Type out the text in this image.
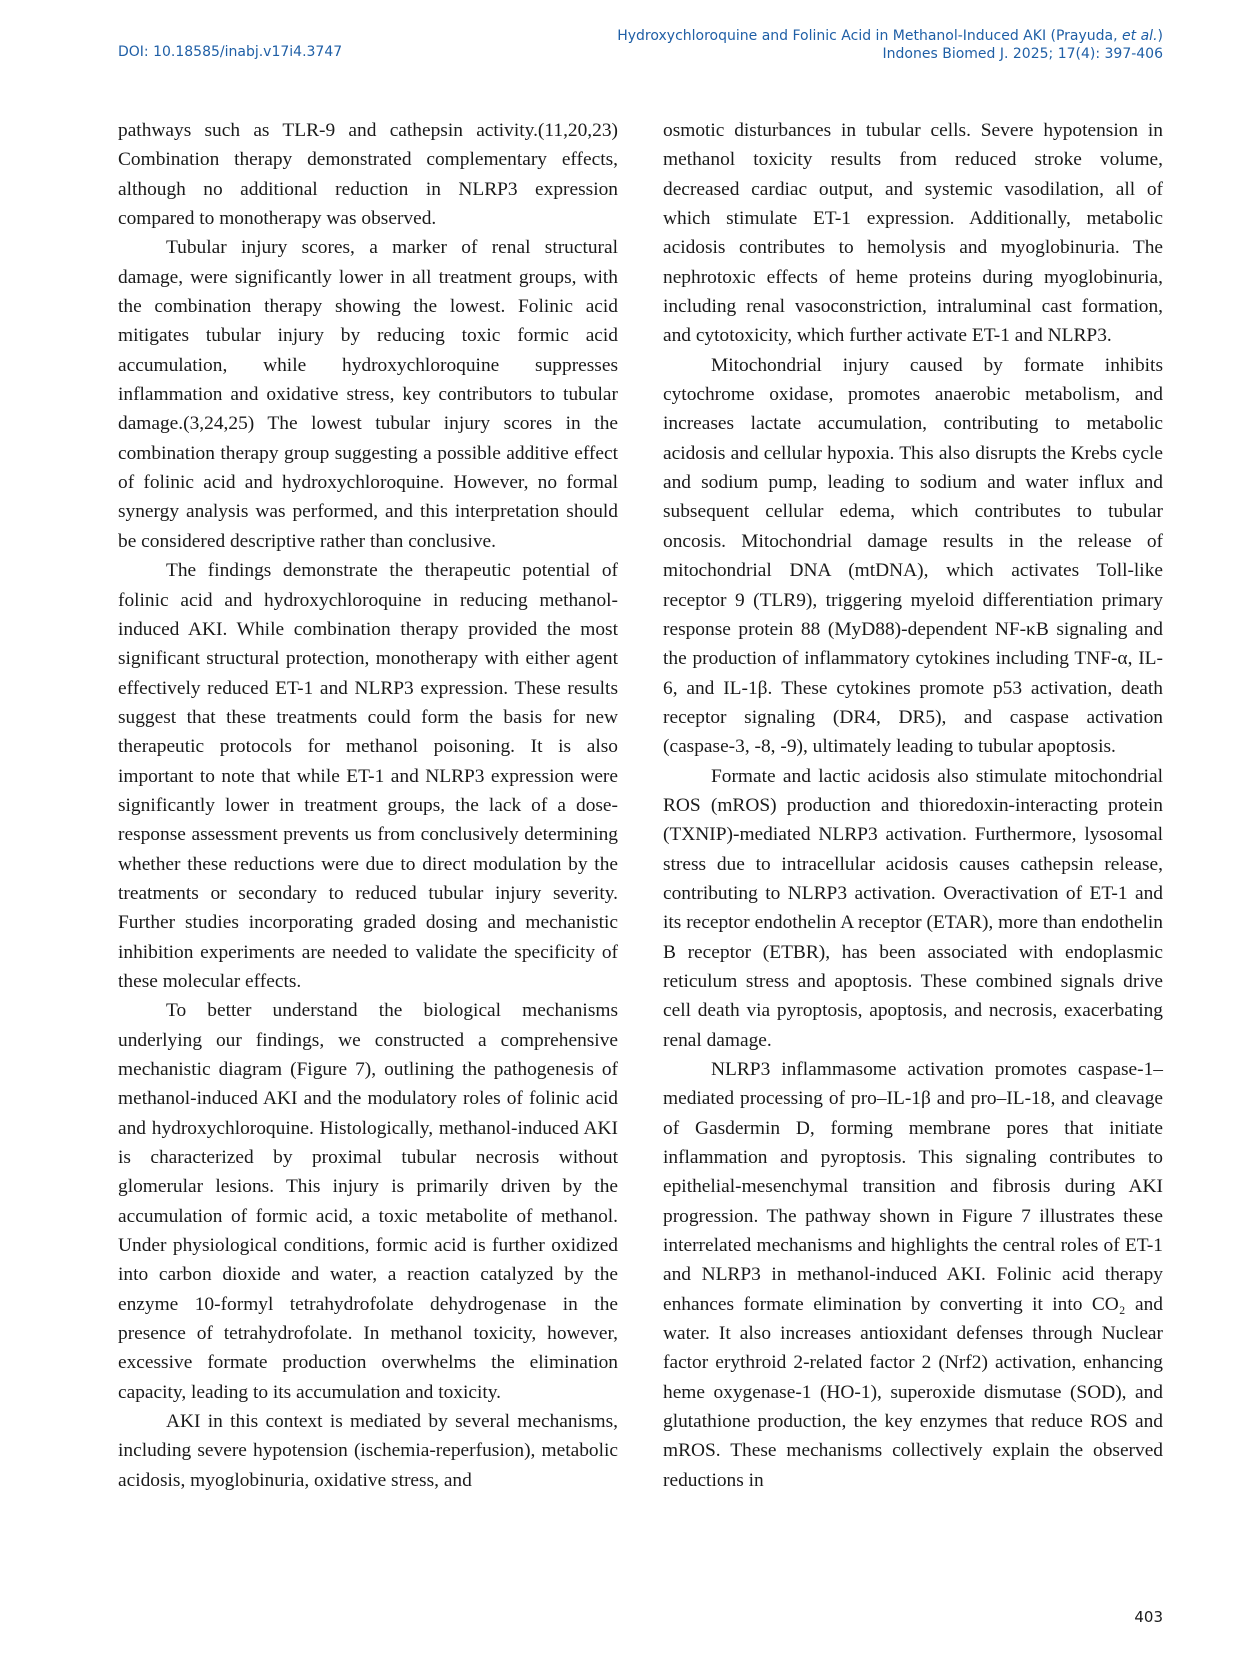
DOI: 10.18585/inabj.v17i4.3747
Hydroxychloroquine and Folinic Acid in Methanol-Induced AKI (Prayuda, et al.)
Indones Biomed J. 2025; 17(4): 397-406

pathways such as TLR-9 and cathepsin activity.(11,20,23) Combination therapy demonstrated complementary effects, although no additional reduction in NLRP3 expression compared to monotherapy was observed.

Tubular injury scores, a marker of renal structural damage, were significantly lower in all treatment groups, with the combination therapy showing the lowest. Folinic acid mitigates tubular injury by reducing toxic formic acid accumulation, while hydroxychloroquine suppresses inflammation and oxidative stress, key contributors to tubular damage.(3,24,25) The lowest tubular injury scores in the combination therapy group suggesting a possible additive effect of folinic acid and hydroxychloroquine. However, no formal synergy analysis was performed, and this interpretation should be considered descriptive rather than conclusive.

The findings demonstrate the therapeutic potential of folinic acid and hydroxychloroquine in reducing methanol-induced AKI. While combination therapy provided the most significant structural protection, monotherapy with either agent effectively reduced ET-1 and NLRP3 expression. These results suggest that these treatments could form the basis for new therapeutic protocols for methanol poisoning. It is also important to note that while ET-1 and NLRP3 expression were significantly lower in treatment groups, the lack of a dose-response assessment prevents us from conclusively determining whether these reductions were due to direct modulation by the treatments or secondary to reduced tubular injury severity. Further studies incorporating graded dosing and mechanistic inhibition experiments are needed to validate the specificity of these molecular effects.

To better understand the biological mechanisms underlying our findings, we constructed a comprehensive mechanistic diagram (Figure 7), outlining the pathogenesis of methanol-induced AKI and the modulatory roles of folinic acid and hydroxychloroquine. Histologically, methanol-induced AKI is characterized by proximal tubular necrosis without glomerular lesions. This injury is primarily driven by the accumulation of formic acid, a toxic metabolite of methanol. Under physiological conditions, formic acid is further oxidized into carbon dioxide and water, a reaction catalyzed by the enzyme 10-formyl tetrahydrofolate dehydrogenase in the presence of tetrahydrofolate. In methanol toxicity, however, excessive formate production overwhelms the elimination capacity, leading to its accumulation and toxicity.

AKI in this context is mediated by several mechanisms, including severe hypotension (ischemia-reperfusion), metabolic acidosis, myoglobinuria, oxidative stress, and

osmotic disturbances in tubular cells. Severe hypotension in methanol toxicity results from reduced stroke volume, decreased cardiac output, and systemic vasodilation, all of which stimulate ET-1 expression. Additionally, metabolic acidosis contributes to hemolysis and myoglobinuria. The nephrotoxic effects of heme proteins during myoglobinuria, including renal vasoconstriction, intraluminal cast formation, and cytotoxicity, which further activate ET-1 and NLRP3.

Mitochondrial injury caused by formate inhibits cytochrome oxidase, promotes anaerobic metabolism, and increases lactate accumulation, contributing to metabolic acidosis and cellular hypoxia. This also disrupts the Krebs cycle and sodium pump, leading to sodium and water influx and subsequent cellular edema, which contributes to tubular oncosis. Mitochondrial damage results in the release of mitochondrial DNA (mtDNA), which activates Toll-like receptor 9 (TLR9), triggering myeloid differentiation primary response protein 88 (MyD88)-dependent NF-κB signaling and the production of inflammatory cytokines including TNF-α, IL-6, and IL-1β. These cytokines promote p53 activation, death receptor signaling (DR4, DR5), and caspase activation (caspase-3, -8, -9), ultimately leading to tubular apoptosis.

Formate and lactic acidosis also stimulate mitochondrial ROS (mROS) production and thioredoxin-interacting protein (TXNIP)-mediated NLRP3 activation. Furthermore, lysosomal stress due to intracellular acidosis causes cathepsin release, contributing to NLRP3 activation. Overactivation of ET-1 and its receptor endothelin A receptor (ETAR), more than endothelin B receptor (ETBR), has been associated with endoplasmic reticulum stress and apoptosis. These combined signals drive cell death via pyroptosis, apoptosis, and necrosis, exacerbating renal damage.

NLRP3 inflammasome activation promotes caspase-1–mediated processing of pro–IL-1β and pro–IL-18, and cleavage of Gasdermin D, forming membrane pores that initiate inflammation and pyroptosis. This signaling contributes to epithelial-mesenchymal transition and fibrosis during AKI progression. The pathway shown in Figure 7 illustrates these interrelated mechanisms and highlights the central roles of ET-1 and NLRP3 in methanol-induced AKI. Folinic acid therapy enhances formate elimination by converting it into CO₂ and water. It also increases antioxidant defenses through Nuclear factor erythroid 2-related factor 2 (Nrf2) activation, enhancing heme oxygenase-1 (HO-1), superoxide dismutase (SOD), and glutathione production, the key enzymes that reduce ROS and mROS. These mechanisms collectively explain the observed reductions in

403
